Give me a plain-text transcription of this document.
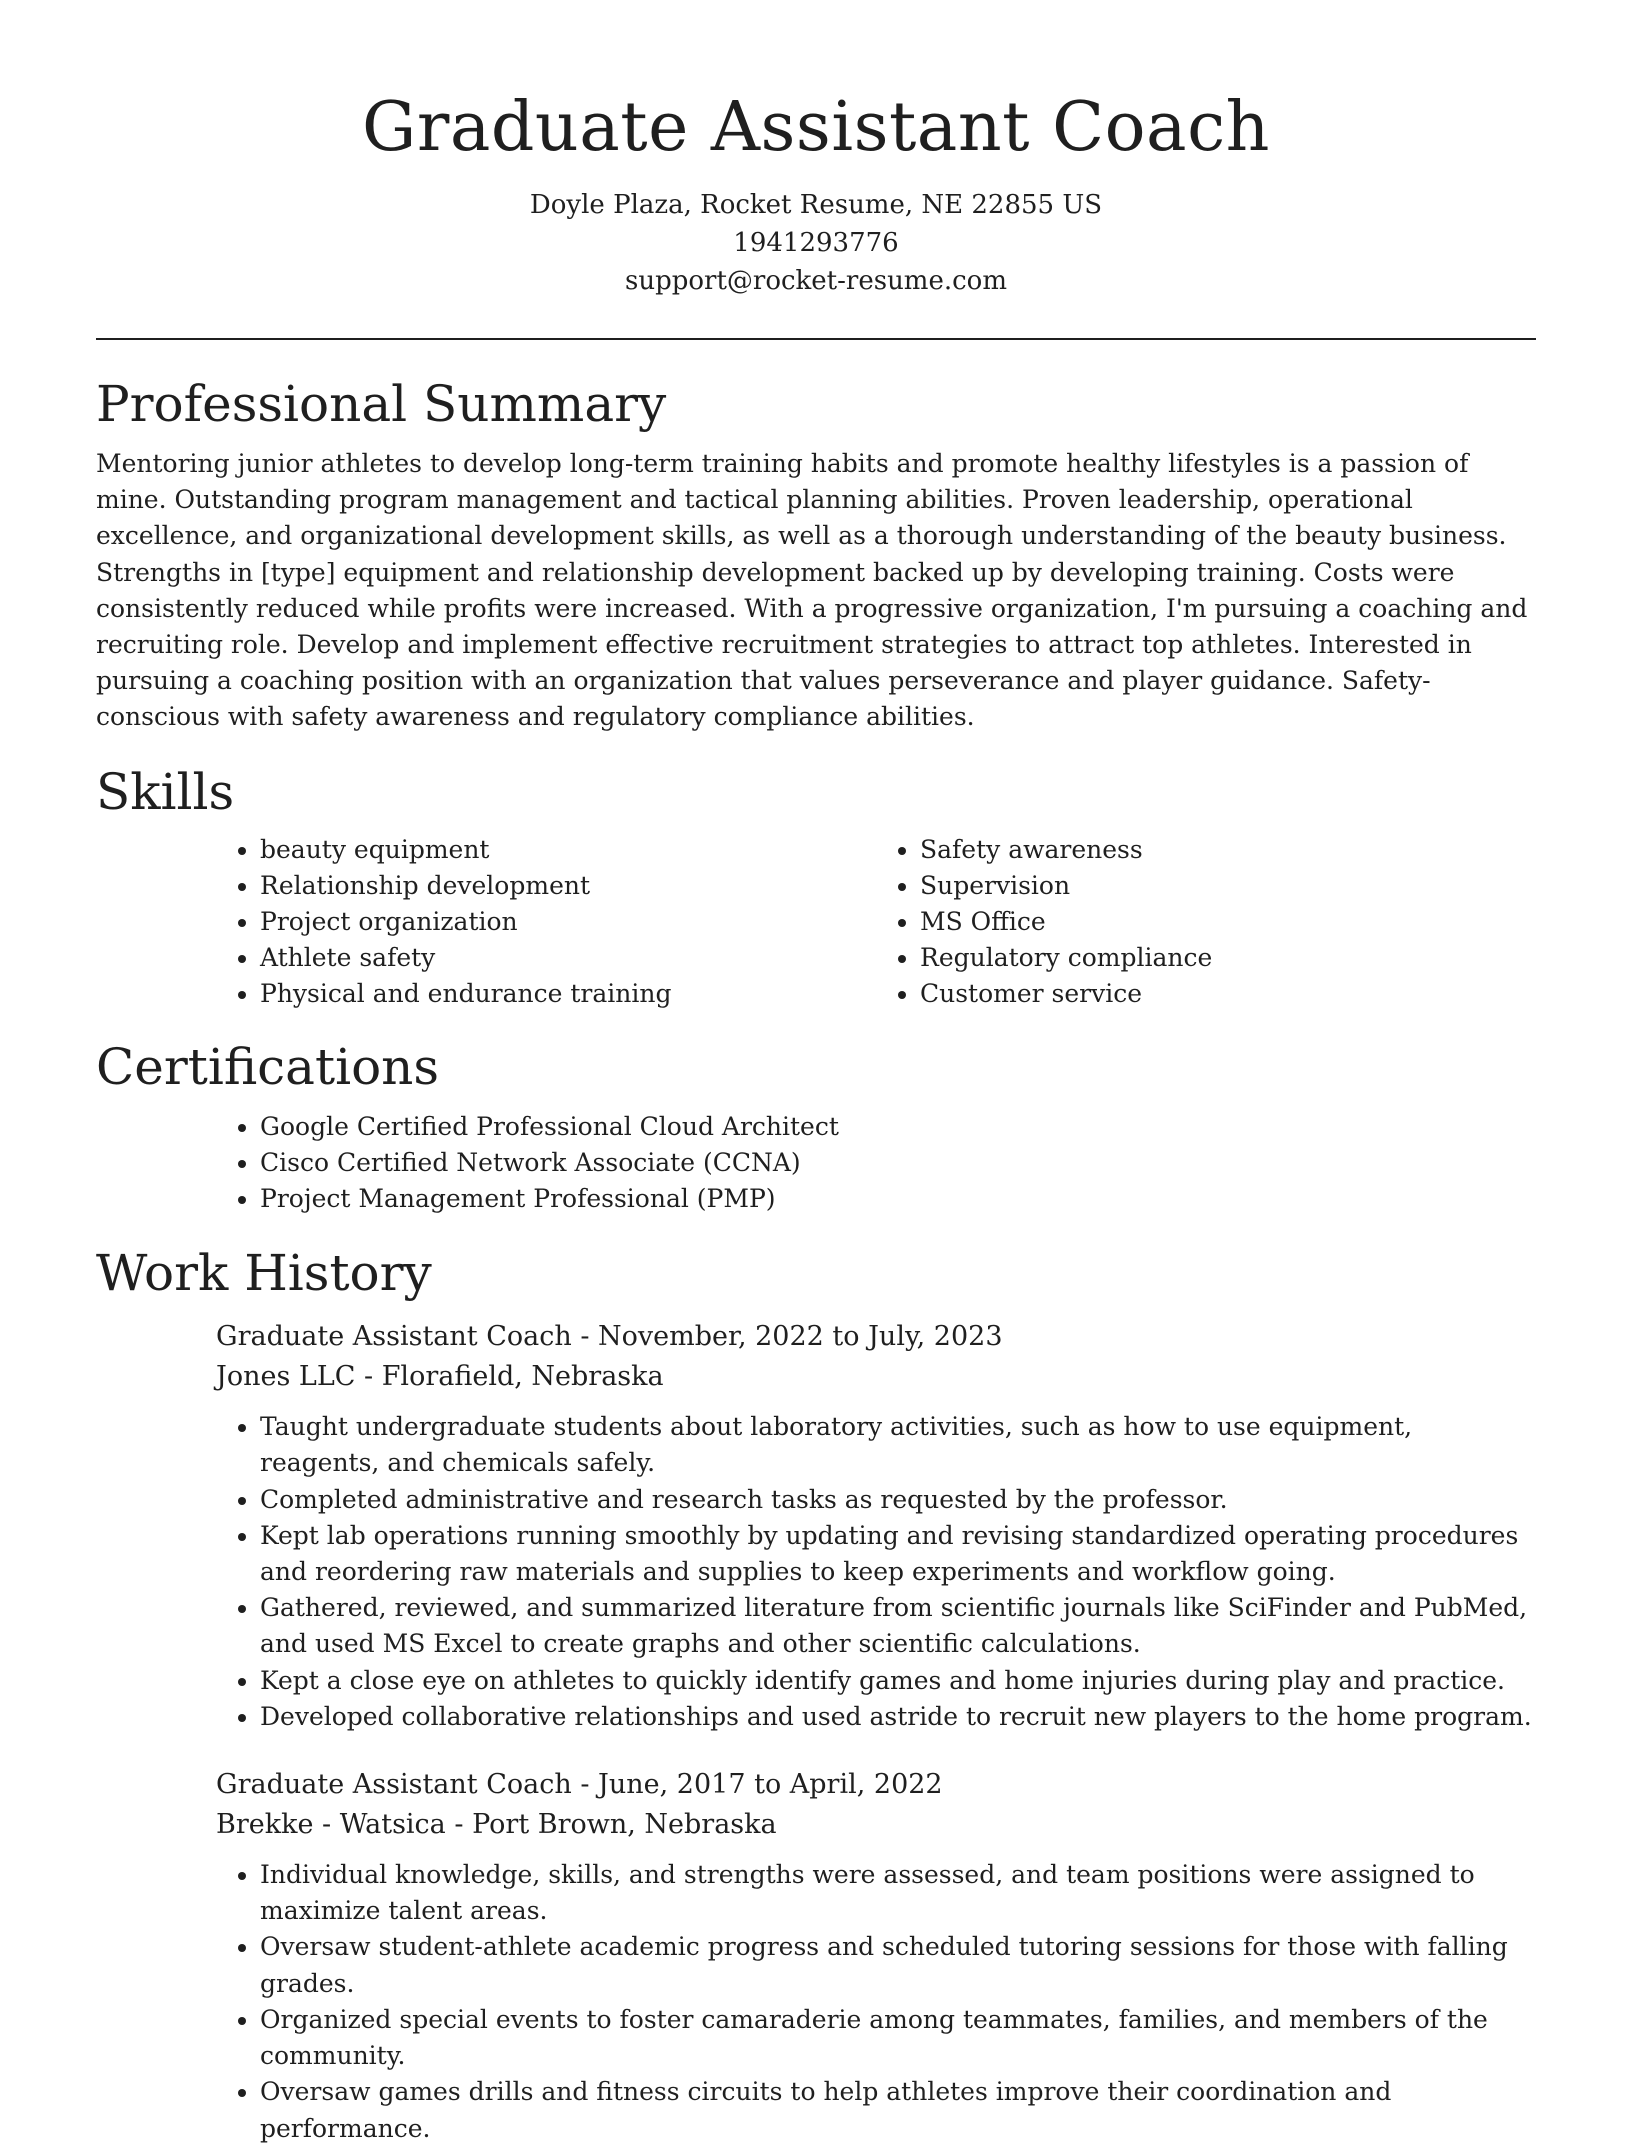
Graduate Assistant Coach
Doyle Plaza, Rocket Resume, NE 22855 US
1941293776
support@rocket-resume.com
Professional Summary

Mentoring junior athletes to develop long-term training habits and promote healthy lifestyles is a passion of mine. Outstanding program management and tactical planning abilities. Proven leadership, operational excellence, and organizational development skills, as well as a thorough understanding of the beauty business. Strengths in [type] equipment and relationship development backed up by developing training. Costs were consistently reduced while profits were increased. With a progressive organization, I'm pursuing a coaching and recruiting role. Develop and implement effective recruitment strategies to attract top athletes. Interested in pursuing a coaching position with an organization that values perseverance and player guidance. Safety-conscious with safety awareness and regulatory compliance abilities.

Skills
• beauty equipment
• Relationship development
• Project organization
• Athlete safety
• Physical and endurance training
• Safety awareness
• Supervision
• MS Office
• Regulatory compliance
• Customer service
Certifications
• Google Certified Professional Cloud Architect
• Cisco Certified Network Associate (CCNA)
• Project Management Professional (PMP)
Work History
Graduate Assistant Coach - November, 2022 to July, 2023
Jones LLC - Florafield, Nebraska
• Taught undergraduate students about laboratory activities, such as how to use equipment, reagents, and chemicals safely.
• Completed administrative and research tasks as requested by the professor.
• Kept lab operations running smoothly by updating and revising standardized operating procedures and reordering raw materials and supplies to keep experiments and workflow going.
• Gathered, reviewed, and summarized literature from scientific journals like SciFinder and PubMed, and used MS Excel to create graphs and other scientific calculations.
• Kept a close eye on athletes to quickly identify games and home injuries during play and practice.
• Developed collaborative relationships and used astride to recruit new players to the home program.
Graduate Assistant Coach - June, 2017 to April, 2022
Brekke - Watsica - Port Brown, Nebraska
• Individual knowledge, skills, and strengths were assessed, and team positions were assigned to maximize talent areas.
• Oversaw student-athlete academic progress and scheduled tutoring sessions for those with falling grades.
• Organized special events to foster camaraderie among teammates, families, and members of the community.
• Oversaw games drills and fitness circuits to help athletes improve their coordination and performance.
